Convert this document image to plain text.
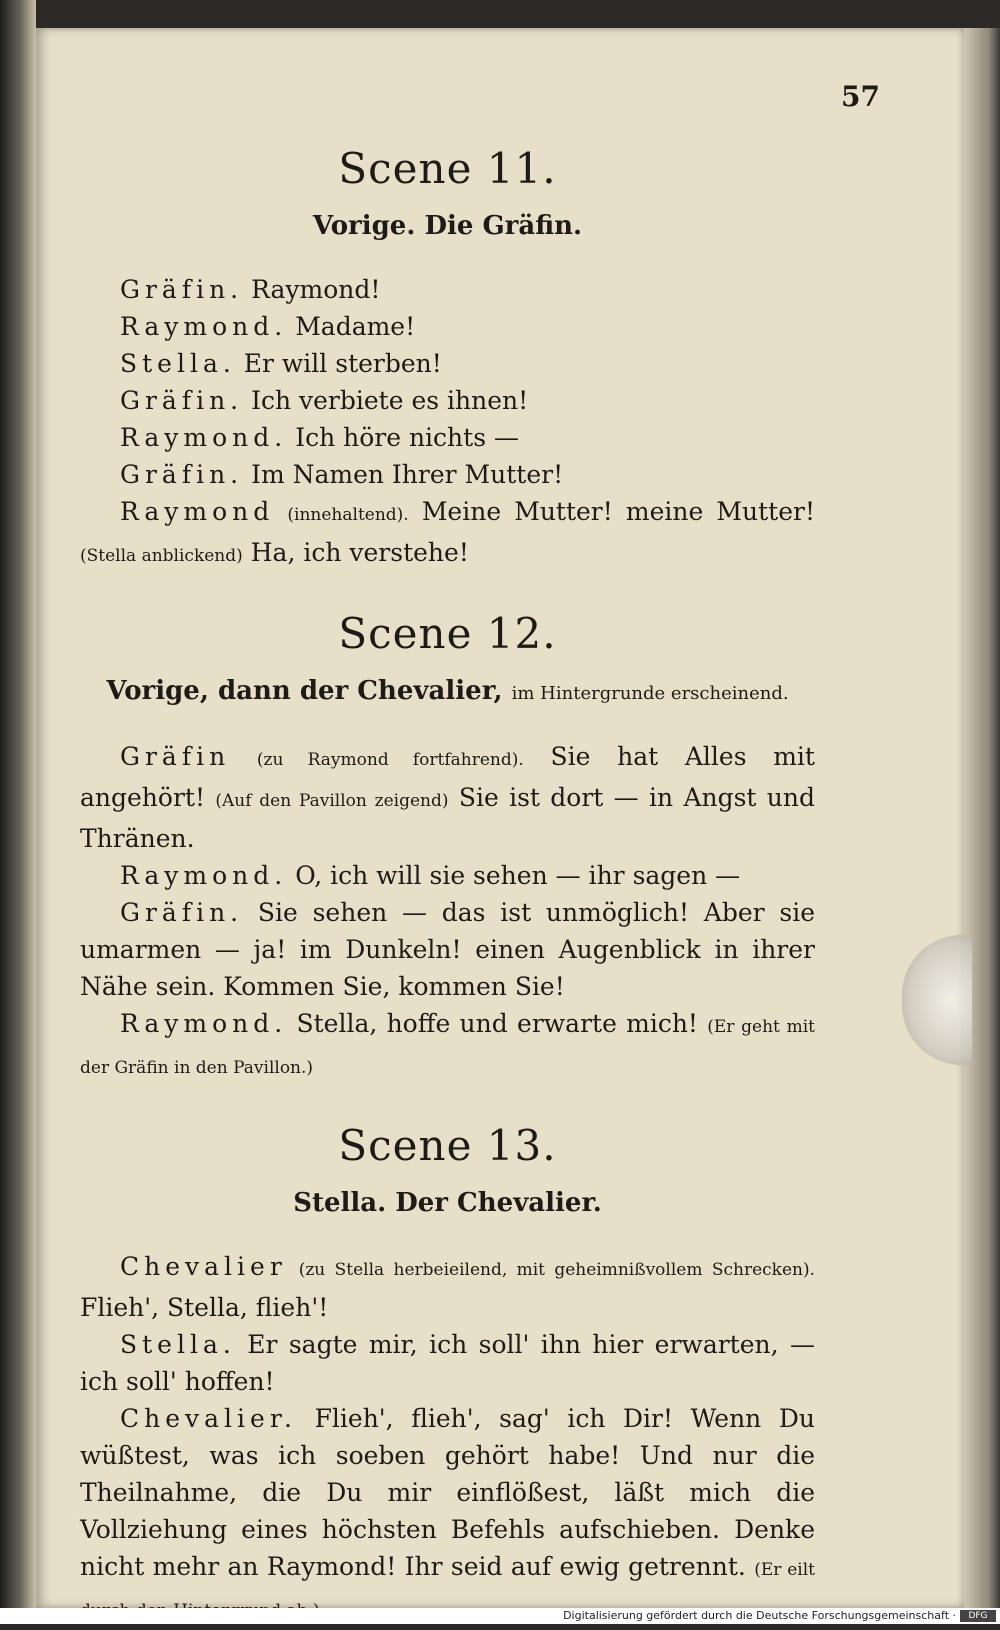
57
Scene 11.
Vorige. Die Gräfin.

Gräfin. Raymond!

Raymond. Madame!

Stella. Er will sterben!

Gräfin. Ich verbiete es ihnen!

Raymond. Ich höre nichts —

Gräfin. Im Namen Ihrer Mutter!

Raymond (innehaltend). Meine Mutter! meine Mutter! (Stella anblickend) Ha, ich verstehe!

Scene 12.
Vorige, dann der Chevalier, im Hintergrunde erscheinend.

Gräfin (zu Raymond fortfahrend). Sie hat Alles mit angehört! (Auf den Pavillon zeigend) Sie ist dort — in Angst und Thränen.

Raymond. O, ich will sie sehen — ihr sagen —

Gräfin. Sie sehen — das ist unmöglich! Aber sie umarmen — ja! im Dunkeln! einen Augenblick in ihrer Nähe sein. Kommen Sie, kommen Sie!

Raymond. Stella, hoffe und erwarte mich! (Er geht mit der Gräfin in den Pavillon.)

Scene 13.
Stella. Der Chevalier.

Chevalier (zu Stella herbeieilend, mit geheimnißvollem Schrecken). Flieh', Stella, flieh'!

Stella. Er sagte mir, ich soll' ihn hier erwarten, — ich soll' hoffen!

Chevalier. Flieh', flieh', sag' ich Dir! Wenn Du wüßtest, was ich soeben gehört habe! Und nur die Theilnahme, die Du mir einflößest, läßt mich die Vollziehung eines höchsten Befehls aufschieben. Denke nicht mehr an Raymond! Ihr seid auf ewig getrennt. (Er eilt

Digitalisierung gefördert durch die Deutsche Forschungsgemeinschaft ·	DFG
